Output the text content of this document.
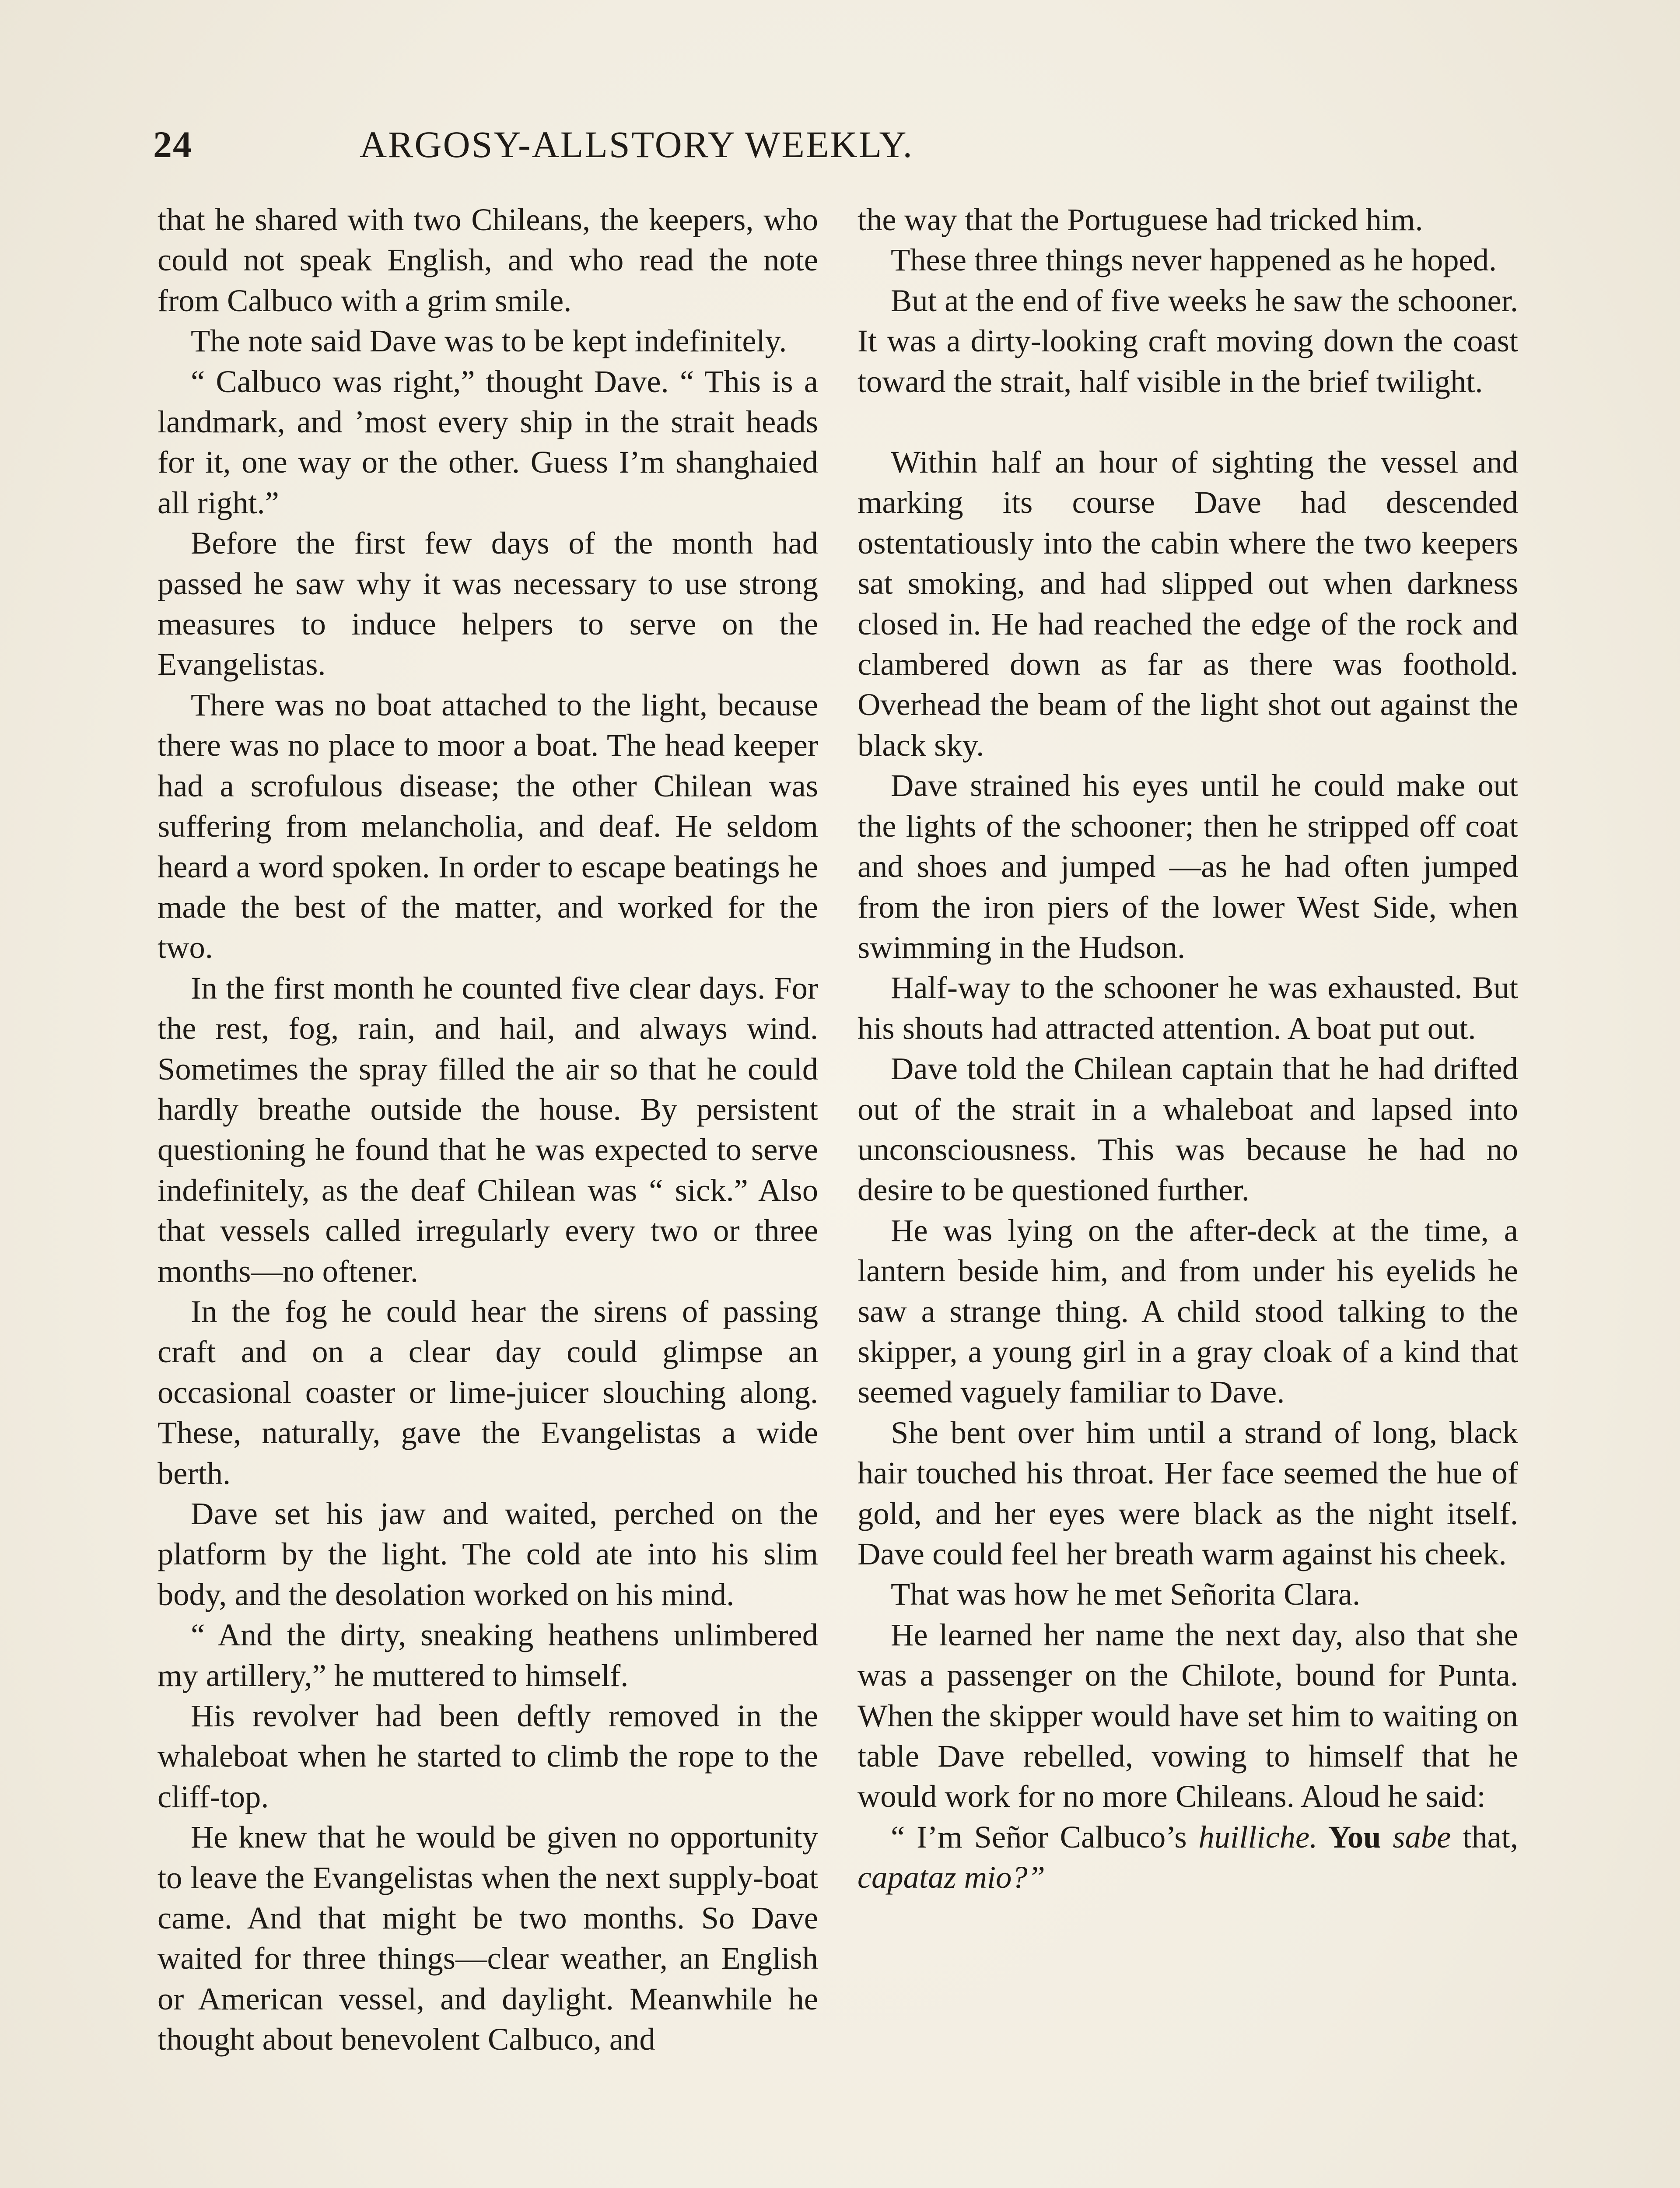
24	ARGOSY-ALLSTORY WEEKLY.

that he shared with two Chileans, the keepers, who could not speak English, and who read the note from Calbuco with a grim smile.

The note said Dave was to be kept indefinitely.

“ Calbuco was right,” thought Dave. “ This is a landmark, and ’most every ship in the strait heads for it, one way or the other. Guess I’m shanghaied all right.”

Before the first few days of the month had passed he saw why it was necessary to use strong measures to induce helpers to serve on the Evangelistas.

There was no boat attached to the light, because there was no place to moor a boat. The head keeper had a scrofulous disease; the other Chilean was suffering from melancholia, and deaf. He seldom heard a word spoken. In order to escape beatings he made the best of the matter, and worked for the two.

In the first month he counted five clear days. For the rest, fog, rain, and hail, and always wind. Sometimes the spray filled the air so that he could hardly breathe outside the house. By persistent questioning he found that he was expected to serve indefinitely, as the deaf Chilean was “ sick.” Also that vessels called irregularly every two or three months—no oftener.

In the fog he could hear the sirens of passing craft and on a clear day could glimpse an occasional coaster or lime-juicer slouching along. These, naturally, gave the Evangelistas a wide berth.

Dave set his jaw and waited, perched on the platform by the light. The cold ate into his slim body, and the desolation worked on his mind.

“ And the dirty, sneaking heathens unlimbered my artillery,” he muttered to himself.

His revolver had been deftly removed in the whaleboat when he started to climb the rope to the cliff-top.

He knew that he would be given no opportunity to leave the Evangelistas when the next supply-boat came. And that might be two months. So Dave waited for three things—clear weather, an English or American vessel, and daylight. Meanwhile he thought about benevolent Calbuco, and

the way that the Portuguese had tricked him.

These three things never happened as he hoped.

But at the end of five weeks he saw the schooner. It was a dirty-looking craft moving down the coast toward the strait, half visible in the brief twilight.

Within half an hour of sighting the vessel and marking its course Dave had descended ostentatiously into the cabin where the two keepers sat smoking, and had slipped out when darkness closed in. He had reached the edge of the rock and clambered down as far as there was foothold. Overhead the beam of the light shot out against the black sky.

Dave strained his eyes until he could make out the lights of the schooner; then he stripped off coat and shoes and jumped —as he had often jumped from the iron piers of the lower West Side, when swimming in the Hudson.

Half-way to the schooner he was exhausted. But his shouts had attracted attention. A boat put out.

Dave told the Chilean captain that he had drifted out of the strait in a whaleboat and lapsed into unconsciousness. This was because he had no desire to be questioned further.

He was lying on the after-deck at the time, a lantern beside him, and from under his eyelids he saw a strange thing. A child stood talking to the skipper, a young girl in a gray cloak of a kind that seemed vaguely familiar to Dave.

She bent over him until a strand of long, black hair touched his throat. Her face seemed the hue of gold, and her eyes were black as the night itself. Dave could feel her breath warm against his cheek.

That was how he met Señorita Clara.

He learned her name the next day, also that she was a passenger on the Chilote, bound for Punta. When the skipper would have set him to waiting on table Dave rebelled, vowing to himself that he would work for no more Chileans. Aloud he said:

“ I’m Señor Calbuco’s huilliche. You sabe that, capataz mio?”
